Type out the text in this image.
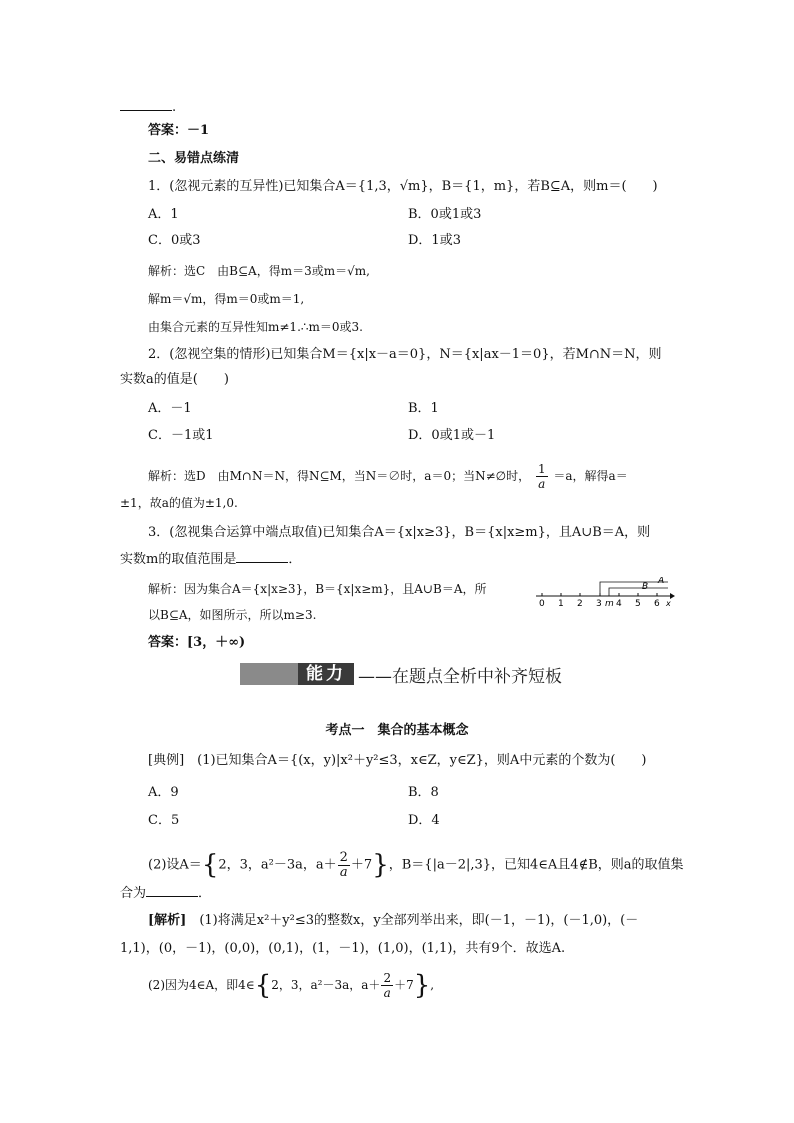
.
答案：－1
二、易错点练清
1．(忽视元素的互异性)已知集合A＝{1,3，√m}，B＝{1，m}，若B⊆A，则m＝(　　)
A．1	B．0或1或3
C．0或3	D．1或3
解析：选C　由B⊆A，得m＝3或m＝√m,
解m＝√m，得m＝0或m＝1,
由集合元素的互异性知m≠1.∴m＝0或3.
2．(忽视空集的情形)已知集合M＝{x|x－a＝0}，N＝{x|ax－1＝0}，若M∩N＝N，则
实数a的值是(　　)
A．－1	B．1
C．－1或1	D．0或1或－1
解析：选D　由M∩N＝N，得N⊆M，当N＝∅时，a＝0；当N≠∅时， $\frac{1}{a} =a$，解得a＝
±1，故a的值为±1,0.
3．(忽视集合运算中端点取值)已知集合A＝{x|x≥3}，B＝{x|x≥m}，且A∪B＝A，则
实数m的取值范围是	．
解析：因为集合A＝{x|x≥3}，B＝{x|x≥m}，且A∪B＝A，所
以B⊆A，如图所示，所以m≥3.
A
B
0 1 2 3 m 4 5 6 x
答案：[3，＋∞)
能力 ——在题点全析中补齐短板
考点一　集合的基本概念
[典例]　(1)已知集合A＝{(x，y)|x²＋y²≤3，x∈Z，y∈Z}，则A中元素的个数为(　　)
A．9	B．8
C．5	D．4
(2)设A＝{2，3，a²－3a，$a+ \frac{2}{a} +7$}，B＝{|a－2|,3}，已知4∈A且4∉B，则a的取值集
合为	．
[解析]　 (1)将满足x²＋y²≤3的整数x，y全部列举出来，即(－1，－1)，(－1,0)，(－
1,1)，(0，－1)，(0,0)，(0,1)，(1，－1)，(1,0)，(1,1)，共有9个．故选A.
(2)因为4∈A，即4∈{2，3，a²－3a，$a+ \frac{2}{a} +7$},
